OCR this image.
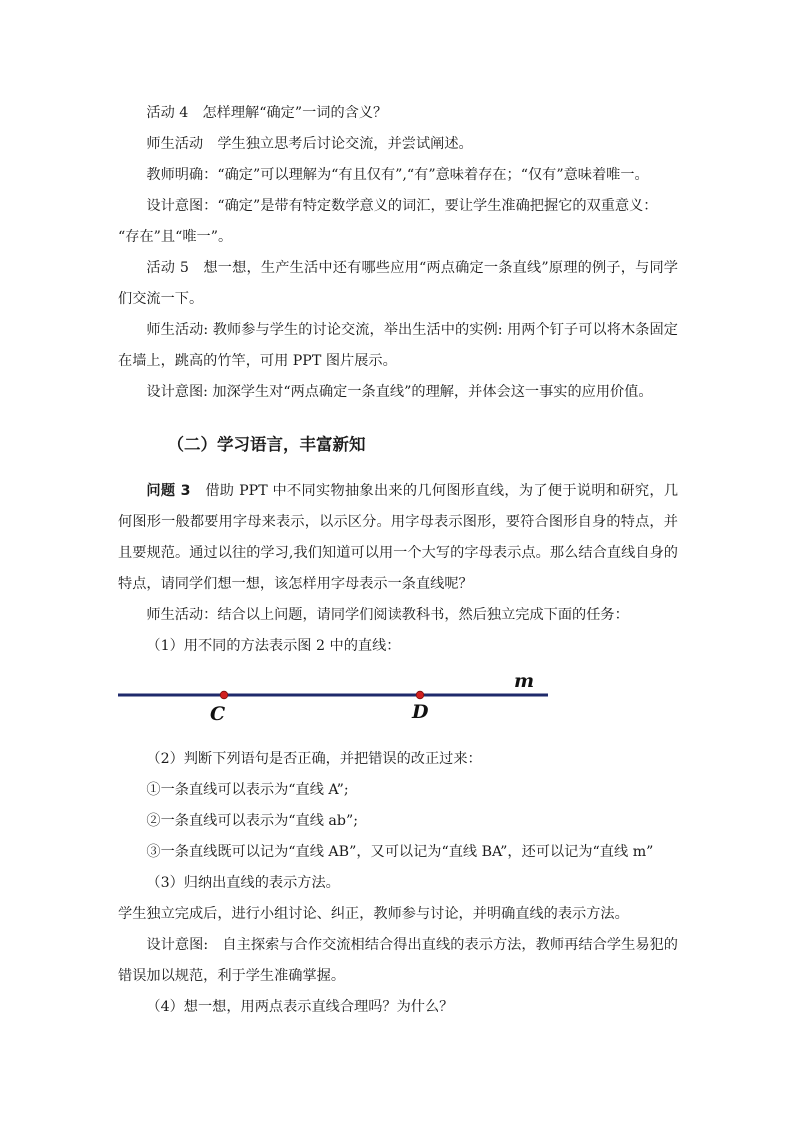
活动 4　怎样理解“确定”一词的含义？

师生活动　学生独立思考后讨论交流，并尝试阐述。

教师明确：“确定”可以理解为“有且仅有”,“有”意味着存在；“仅有”意味着唯一。

设计意图：“确定”是带有特定数学意义的词汇，要让学生准确把握它的双重意义：

“存在”且“唯一”。

活动 5　想一想，生产生活中还有哪些应用“两点确定一条直线”原理的例子，与同学们交流一下。

师生活动: 教师参与学生的讨论交流，举出生活中的实例: 用两个钉子可以将木条固定在墙上，跳高的竹竿，可用 PPT 图片展示。

设计意图: 加深学生对“两点确定一条直线”的理解，并体会这一事实的应用价值。

（二）学习语言，丰富新知

问题 3　 借助 PPT 中不同实物抽象出来的几何图形直线，为了便于说明和研究，几何图形一般都要用字母来表示，以示区分。用字母表示图形，要符合图形自身的特点，并且要规范。通过以往的学习,我们知道可以用一个大写的字母表示点。那么结合直线自身的特点，请同学们想一想，该怎样用字母表示一条直线呢？

师生活动：结合以上问题，请同学们阅读教科书，然后独立完成下面的任务：

（1）用不同的方法表示图 2 中的直线：

m
C	D

（2）判断下列语句是否正确，并把错误的改正过来：

①一条直线可以表示为“直线 A”;

②一条直线可以表示为“直线 ab”;

③一条直线既可以记为“直线 AB”，又可以记为“直线 BA”，还可以记为“直线 m”

（3）归纳出直线的表示方法。

学生独立完成后，进行小组讨论、纠正，教师参与讨论，并明确直线的表示方法。

设计意图:　自主探索与合作交流相结合得出直线的表示方法，教师再结合学生易犯的错误加以规范，利于学生准确掌握。

（4）想一想，用两点表示直线合理吗？为什么？
